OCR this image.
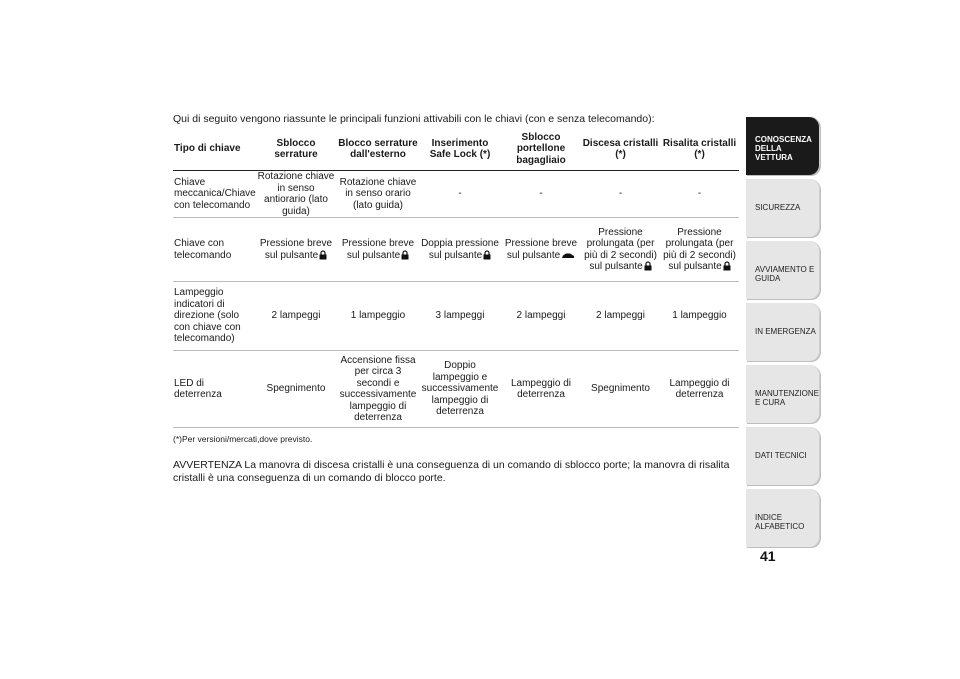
Qui di seguito vengono riassunte le principali funzioni attivabili con le chiavi (con e senza telecomando):
Tipo di chiave	Sblocco serrature	Blocco serrature dall'esterno	Inserimento Safe Lock (*)	Sblocco portellone bagagliaio	Discesa cristalli (*)	Risalita cristalli (*)
Chiave meccanica/Chiave con telecomando	Rotazione chiave in senso antiorario (lato guida)	Rotazione chiave in senso orario (lato guida)	-	-	-	-
Chiave con telecomando	Pressione breve sul pulsante	Pressione breve sul pulsante	Doppia pressione sul pulsante	Pressione breve sul pulsante	Pressione prolungata (per più di 2 secondi) sul pulsante	Pressione prolungata (per più di 2 secondi) sul pulsante
Lampeggio indicatori di direzione (solo con chiave con telecomando)	2 lampeggi	1 lampeggio	3 lampeggi	2 lampeggi	2 lampeggi	1 lampeggio
LED di deterrenza	Spegnimento	Accensione fissa per circa 3 secondi e successivamente lampeggio di deterrenza	Doppio lampeggio e successivamente lampeggio di deterrenza	Lampeggio di deterrenza	Spegnimento	Lampeggio di deterrenza
(*)Per versioni/mercati,dove previsto.
AVVERTENZA La manovra di discesa cristalli è una conseguenza di un comando di sblocco porte; la manovra di risalita cristalli è una conseguenza di un comando di blocco porte.
CONOSCENZA DELLA VETTURA
SICUREZZA
AVVIAMENTO E GUIDA
IN EMERGENZA
MANUTENZIONE E CURA
DATI TECNICI
INDICE ALFABETICO
41
